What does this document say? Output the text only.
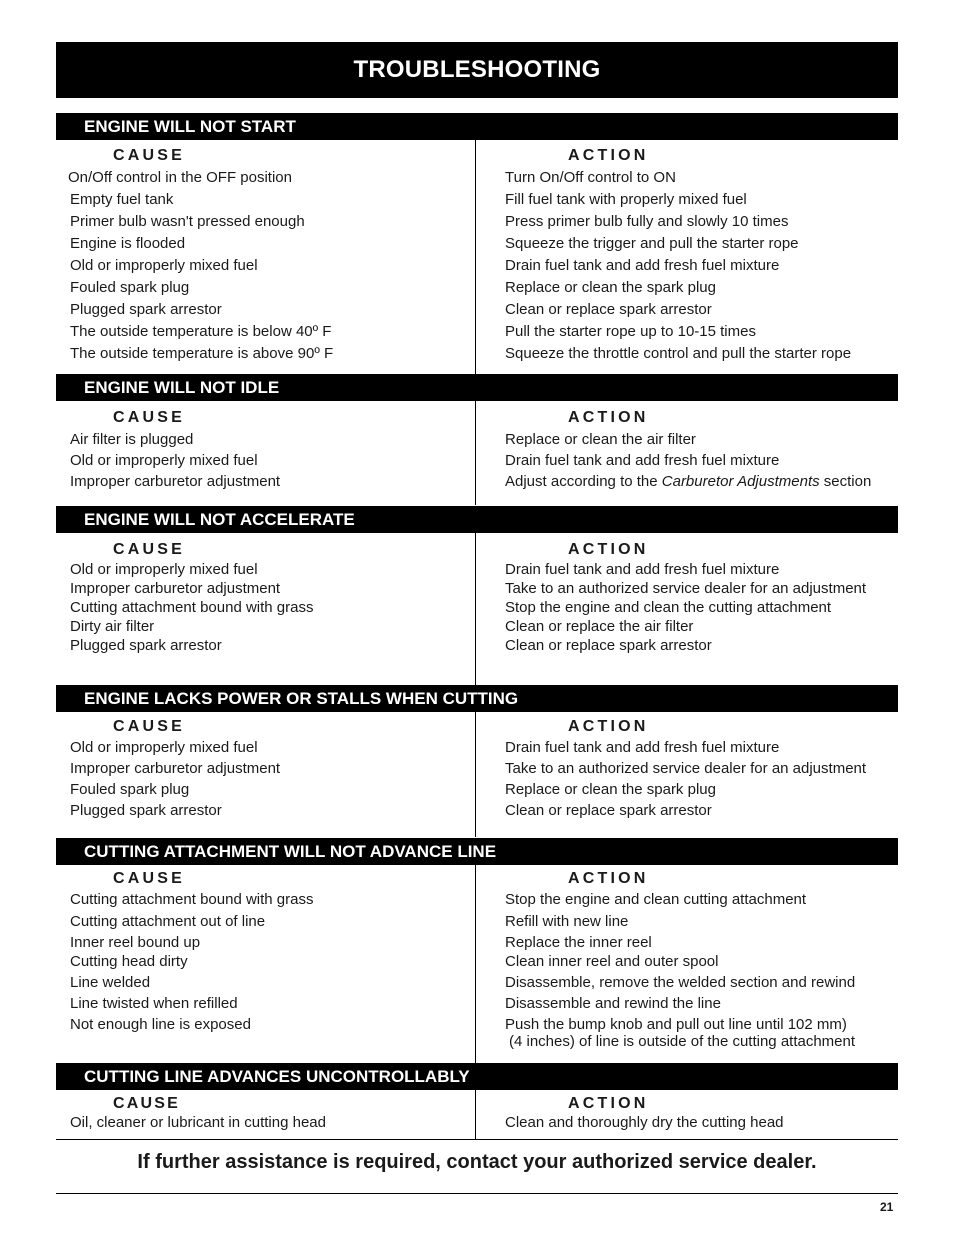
TROUBLESHOOTING
ENGINE WILL NOT START
CAUSE	ACTION
On/Off control in the OFF position	Turn On/Off control to ON
Empty fuel tank	Fill fuel tank with properly mixed fuel
Primer bulb wasn't pressed enough	Press primer bulb fully and slowly 10 times
Engine is flooded	Squeeze the trigger and pull the starter rope
Old or improperly mixed fuel	Drain fuel tank and add fresh fuel mixture
Fouled spark plug	Replace or clean the spark plug
Plugged spark arrestor	Clean or replace spark arrestor
The outside temperature is below 40º F	Pull the starter rope up to 10-15 times
The outside temperature is above 90º F	Squeeze the throttle control and pull the starter rope
ENGINE WILL NOT IDLE
CAUSE	ACTION
Air filter is plugged	Replace or clean the air filter
Old or improperly mixed fuel	Drain fuel tank and add fresh fuel mixture
Improper carburetor adjustment	Adjust according to the Carburetor Adjustments section
ENGINE WILL NOT ACCELERATE
CAUSE	ACTION
Old or improperly mixed fuel	Drain fuel tank and add fresh fuel mixture
Improper carburetor adjustment	Take to an authorized service dealer for an adjustment
Cutting attachment bound with grass	Stop the engine and clean the cutting attachment
Dirty air filter	Clean or replace the air filter
Plugged spark arrestor	Clean or replace spark arrestor
ENGINE LACKS POWER OR STALLS WHEN CUTTING
CAUSE	ACTION
Old or improperly mixed fuel	Drain fuel tank and add fresh fuel mixture
Improper carburetor adjustment	Take to an authorized service dealer for an adjustment
Fouled spark plug	Replace or clean the spark plug
Plugged spark arrestor	Clean or replace spark arrestor
CUTTING ATTACHMENT WILL NOT ADVANCE LINE
CAUSE	ACTION
Cutting attachment bound with grass	Stop the engine and clean cutting attachment
Cutting attachment out of line	Refill with new line
Inner reel bound up	Replace the inner reel
Cutting head dirty	Clean inner reel and outer spool
Line welded	Disassemble, remove the welded section and rewind
Line twisted when refilled	Disassemble and rewind the line
Not enough line is exposed	Push the bump knob and pull out line until 102 mm)
(4 inches) of line is outside of the cutting attachment
CUTTING LINE ADVANCES UNCONTROLLABLY
CAUSE	ACTION
Oil, cleaner or lubricant in cutting head	Clean and thoroughly dry the cutting head
If further assistance is required, contact your authorized service dealer.
21
